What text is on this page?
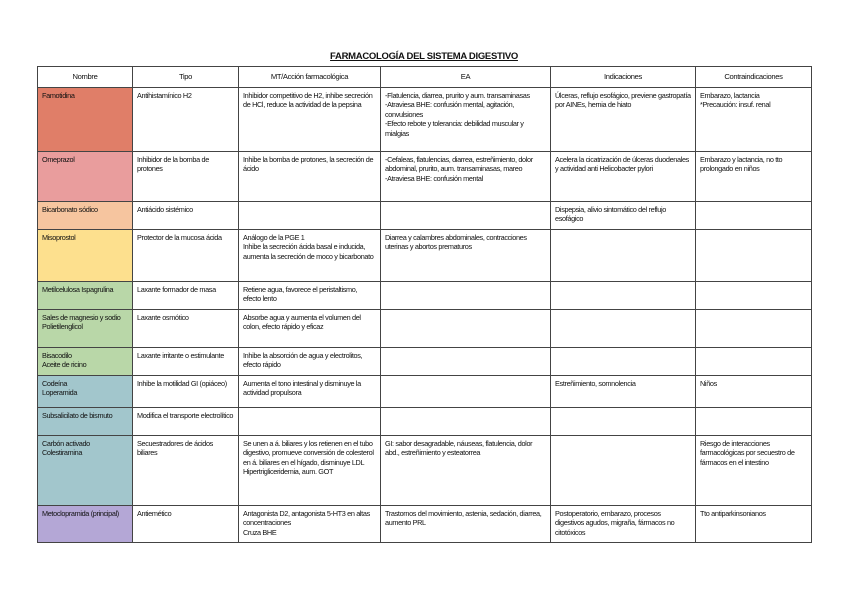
FARMACOLOGÍA DEL SISTEMA DIGESTIVO
Nombre	Tipo	MT/Acción farmacológica	EA	Indicaciones	Contraindicaciones
Famotidina	Antihistamínico H2	Inhibidor competitivo de H2, inhibe secreción de HCl, reduce la actividad de la pepsina	-Flatulencia, diarrea, prurito y aum. transaminasas
-Atraviesa BHE: confusión mental, agitación, convulsiones
-Efecto rebote y tolerancia: debilidad muscular y mialgias	Úlceras, reflujo esofágico, previene gastropatía por AINEs, hernia de hiato	Embarazo, lactancia
*Precaución: insuf. renal
Omeprazol	Inhibidor de la bomba de protones	Inhibe la bomba de protones, la secreción de ácido	-Cefaleas, flatulencias, diarrea, estreñimiento, dolor abdominal, prurito, aum. transaminasas, mareo
-Atraviesa BHE: confusión mental	Acelera la cicatrización de úlceras duodenales y actividad anti Helicobacter pylori	Embarazo y lactancia, no tto prolongado en niños
Bicarbonato sódico	Antiácido sistémico			Dispepsia, alivio sintomático del reflujo esofágico	
Misoprostol	Protector de la mucosa ácida	Análogo de la PGE 1
Inhibe la secreción ácida basal e inducida, aumenta la secreción de moco y bicarbonato	Diarrea y calambres abdominales, contracciones uterinas y abortos prematuros		
Metilcelulosa Ispagrulina	Laxante formador de masa	Retiene agua, favorece el peristaltismo, efecto lento			
Sales de magnesio y sodio
Polietilenglicol	Laxante osmótico	Absorbe agua y aumenta el volumen del colon, efecto rápido y eficaz			
Bisacodilo
Aceite de ricino	Laxante irritante o estimulante	Inhibe la absorción de agua y electrolitos, efecto rápido			
Codeína
Loperamida	Inhibe la motilidad GI (opiáceo)	Aumenta el tono intestinal y disminuye la actividad propulsora		Estreñimiento, somnolencia	Niños
Subsalicilato de bismuto	Modifica el transporte electrolítico				
Carbón activado
Colestiramina	Secuestradores de ácidos biliares	Se unen a á. biliares y los retienen en el tubo digestivo, promueve conversión de colesterol en á. biliares en el hígado, disminuye LDL
Hipertrigliceridemia, aum. GOT	GI: sabor desagradable, náuseas, flatulencia, dolor abd., estreñimiento y esteatorrea		Riesgo de interacciones farmacológicas por secuestro de fármacos en el intestino
Metoclopramida (principal)	Antiemético	Antagonista D2, antagonista 5-HT3 en altas concentraciones
Cruza BHE	Trastornos del movimiento, astenia, sedación, diarrea, aumento PRL	Postoperatorio, embarazo, procesos digestivos agudos, migraña, fármacos no citotóxicos	Tto antiparkinsonianos
